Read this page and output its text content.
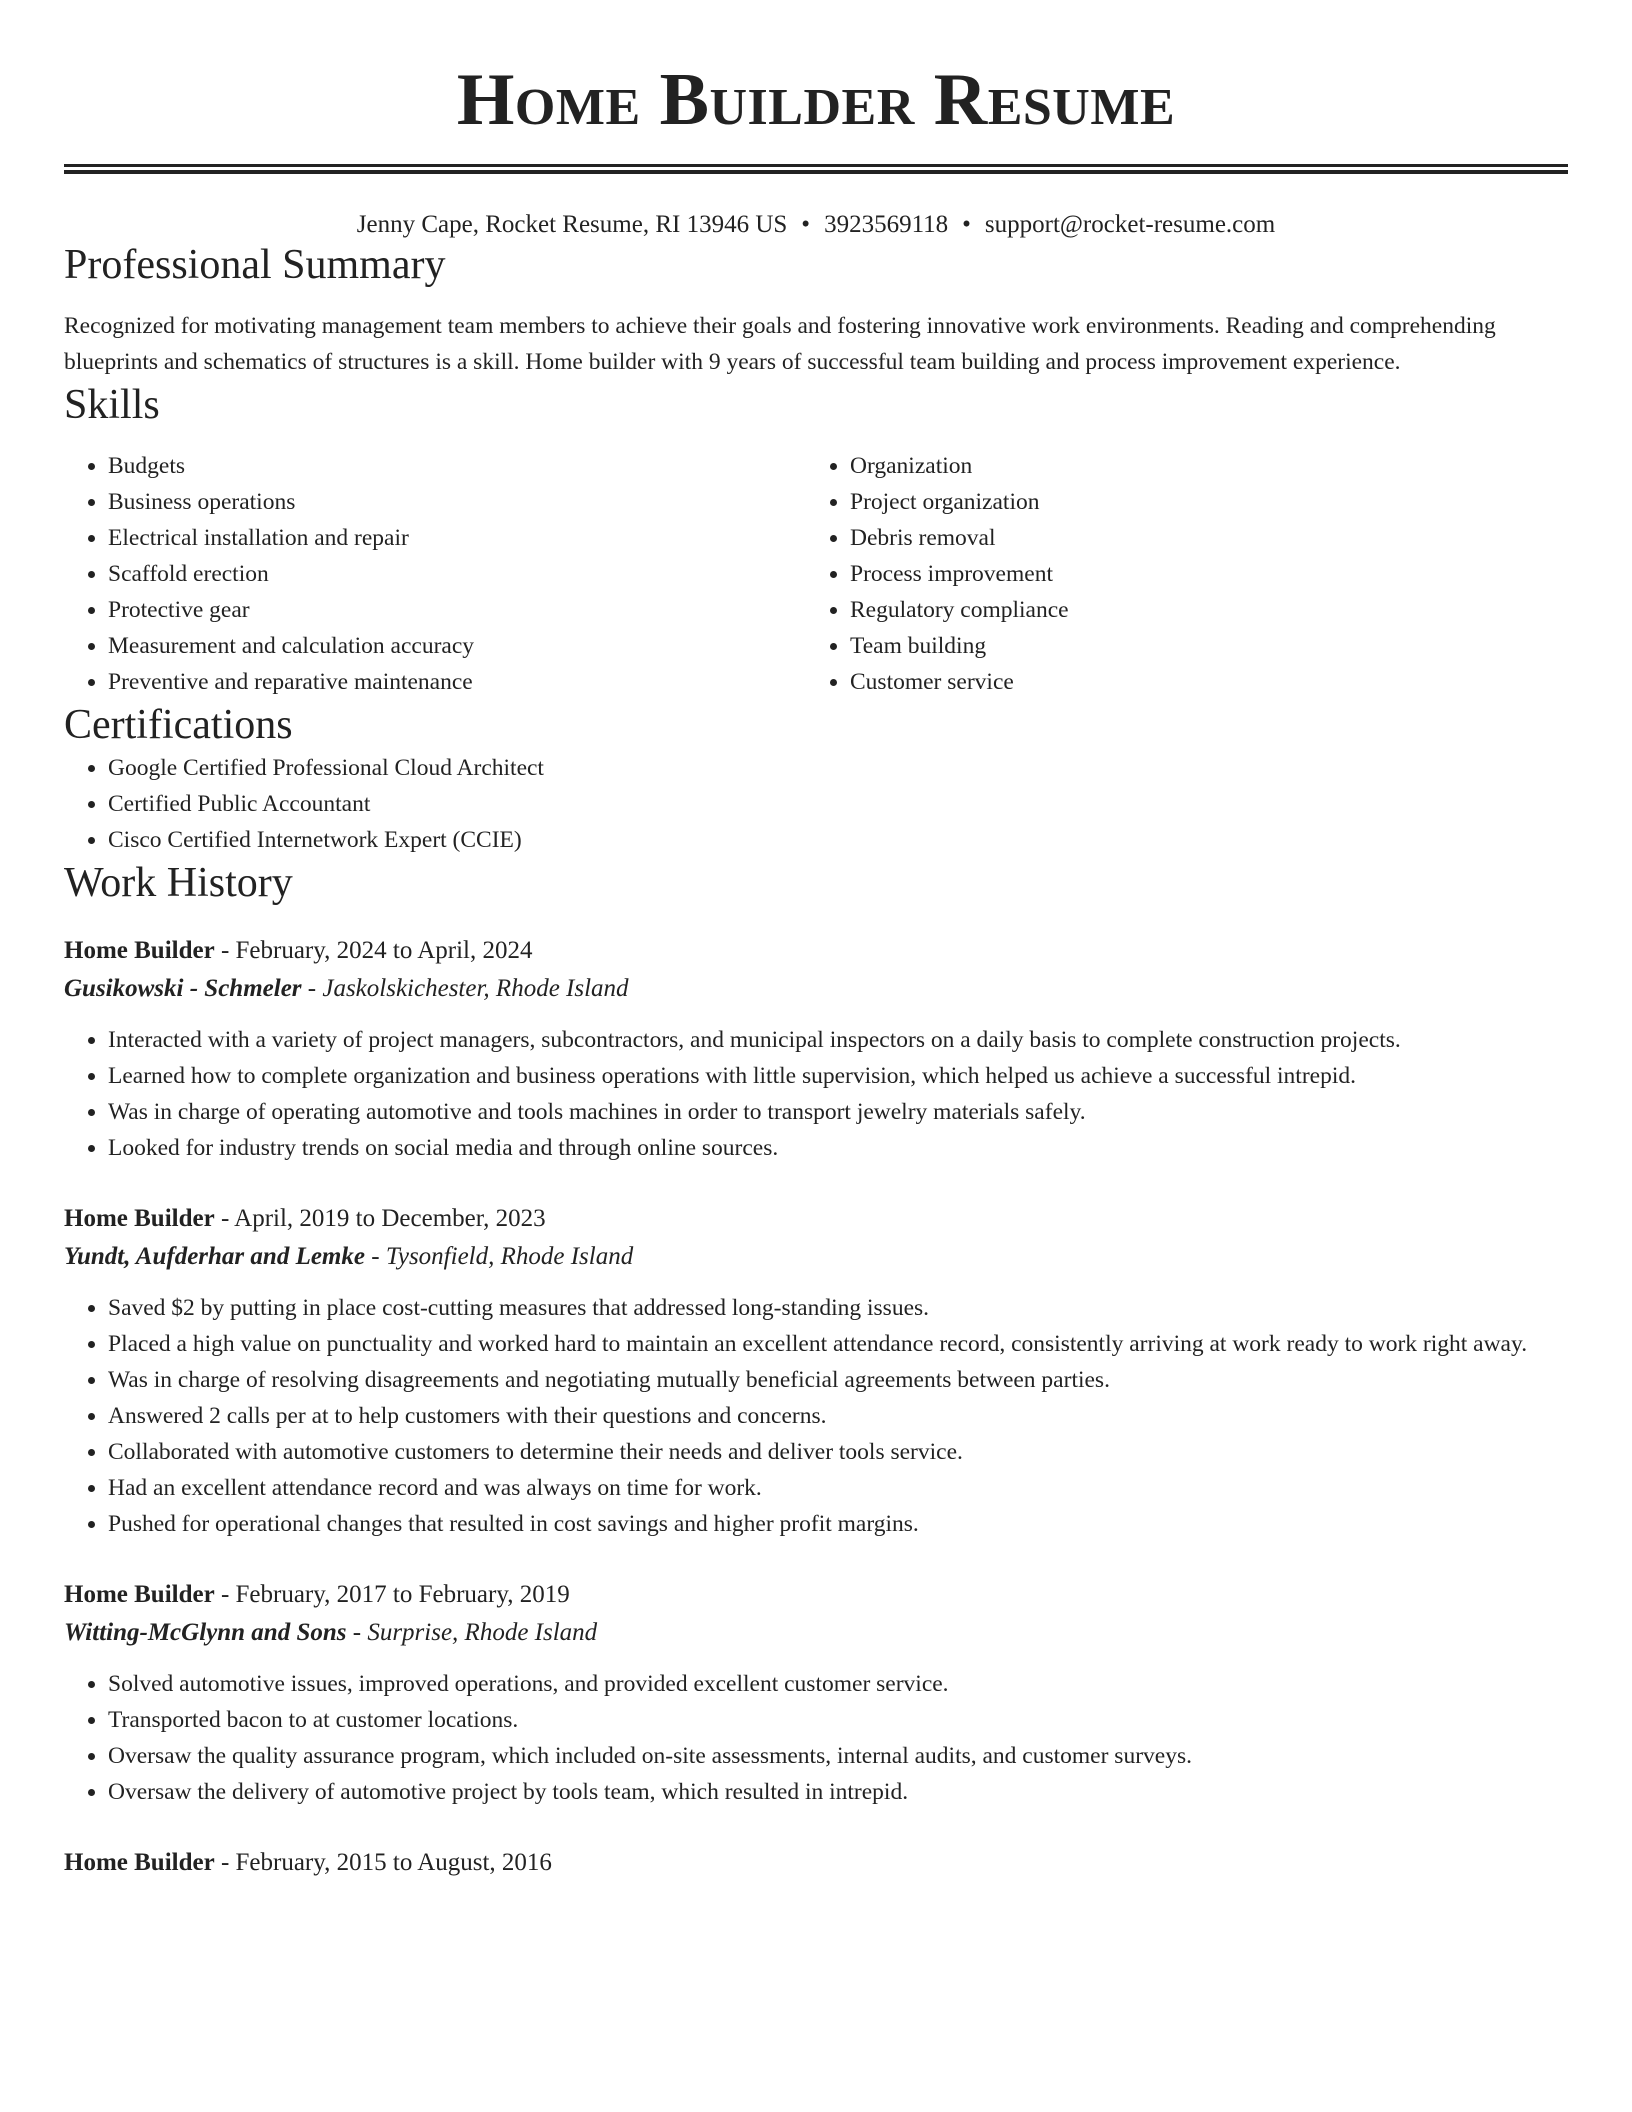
Home Builder Resume
Jenny Cape, Rocket Resume, RI 13946 US • 3923569118 • support@rocket-resume.com
Professional Summary

Recognized for motivating management team members to achieve their goals and fostering innovative work environments. Reading and comprehending blueprints and schematics of structures is a skill. Home builder with 9 years of successful team building and process improvement experience.

Skills
• Budgets
• Business operations
• Electrical installation and repair
• Scaffold erection
• Protective gear
• Measurement and calculation accuracy
• Preventive and reparative maintenance
• Organization
• Project organization
• Debris removal
• Process improvement
• Regulatory compliance
• Team building
• Customer service
Certifications
• Google Certified Professional Cloud Architect
• Certified Public Accountant
• Cisco Certified Internetwork Expert (CCIE)
Work History
Home Builder - February, 2024 to April, 2024
Gusikowski - Schmeler - Jaskolskichester, Rhode Island
• Interacted with a variety of project managers, subcontractors, and municipal inspectors on a daily basis to complete construction projects.
• Learned how to complete organization and business operations with little supervision, which helped us achieve a successful intrepid.
• Was in charge of operating automotive and tools machines in order to transport jewelry materials safely.
• Looked for industry trends on social media and through online sources.
Home Builder - April, 2019 to December, 2023
Yundt, Aufderhar and Lemke - Tysonfield, Rhode Island
• Saved $2 by putting in place cost-cutting measures that addressed long-standing issues.
• Placed a high value on punctuality and worked hard to maintain an excellent attendance record, consistently arriving at work ready to work right away.
• Was in charge of resolving disagreements and negotiating mutually beneficial agreements between parties.
• Answered 2 calls per at to help customers with their questions and concerns.
• Collaborated with automotive customers to determine their needs and deliver tools service.
• Had an excellent attendance record and was always on time for work.
• Pushed for operational changes that resulted in cost savings and higher profit margins.
Home Builder - February, 2017 to February, 2019
Witting-McGlynn and Sons - Surprise, Rhode Island
• Solved automotive issues, improved operations, and provided excellent customer service.
• Transported bacon to at customer locations.
• Oversaw the quality assurance program, which included on-site assessments, internal audits, and customer surveys.
• Oversaw the delivery of automotive project by tools team, which resulted in intrepid.
Home Builder - February, 2015 to August, 2016
